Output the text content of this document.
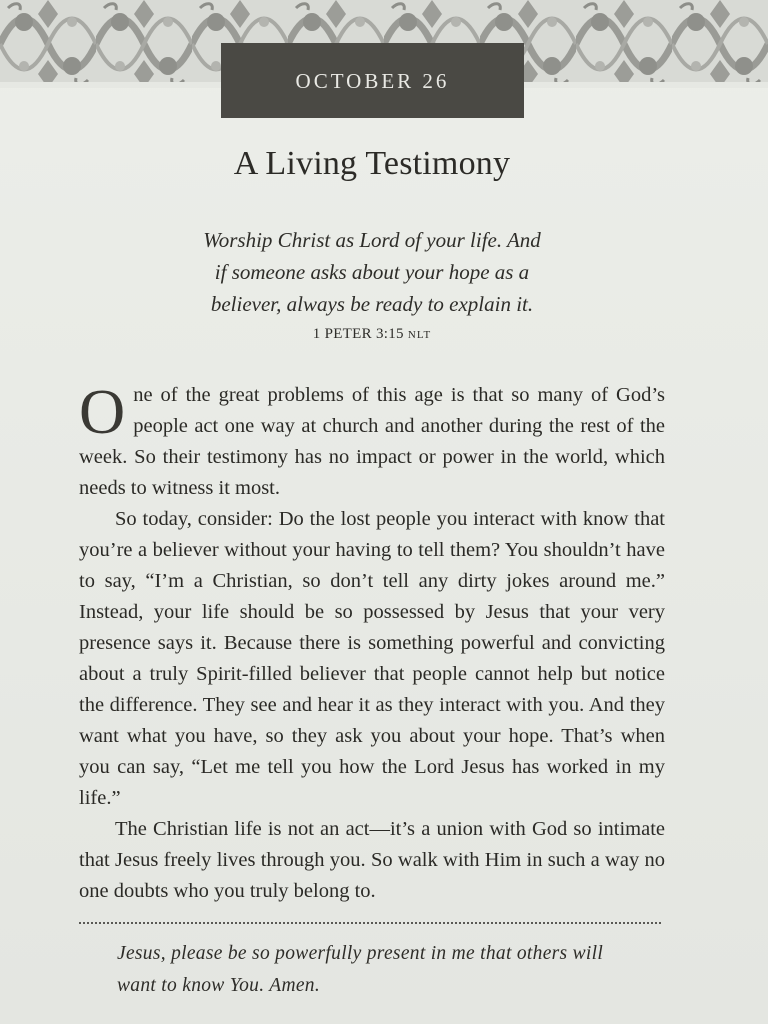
OCTOBER 26
A Living Testimony
Worship Christ as Lord of your life. And
if someone asks about your hope as a
believer, always be ready to explain it.
1 PETER 3:15 NLT

One of the great problems of this age is that so many of God’s people act one way at church and another during the rest of the week. So their testimony has no impact or power in the world, which needs to witness it most.

So today, consider: Do the lost people you interact with know that you’re a believer without your having to tell them? You shouldn’t have to say, “I’m a Christian, so don’t tell any dirty jokes around me.” Instead, your life should be so possessed by Jesus that your very presence says it. Because there is something powerful and convicting about a truly Spirit-filled believer that people cannot help but notice the difference. They see and hear it as they interact with you. And they want what you have, so they ask you about your hope. That’s when you can say, “Let me tell you how the Lord Jesus has worked in my life.”

The Christian life is not an act—it’s a union with God so intimate that Jesus freely lives through you. So walk with Him in such a way no one doubts who you truly belong to.

Jesus, please be so powerfully present in me that others will
want to know You. Amen.
